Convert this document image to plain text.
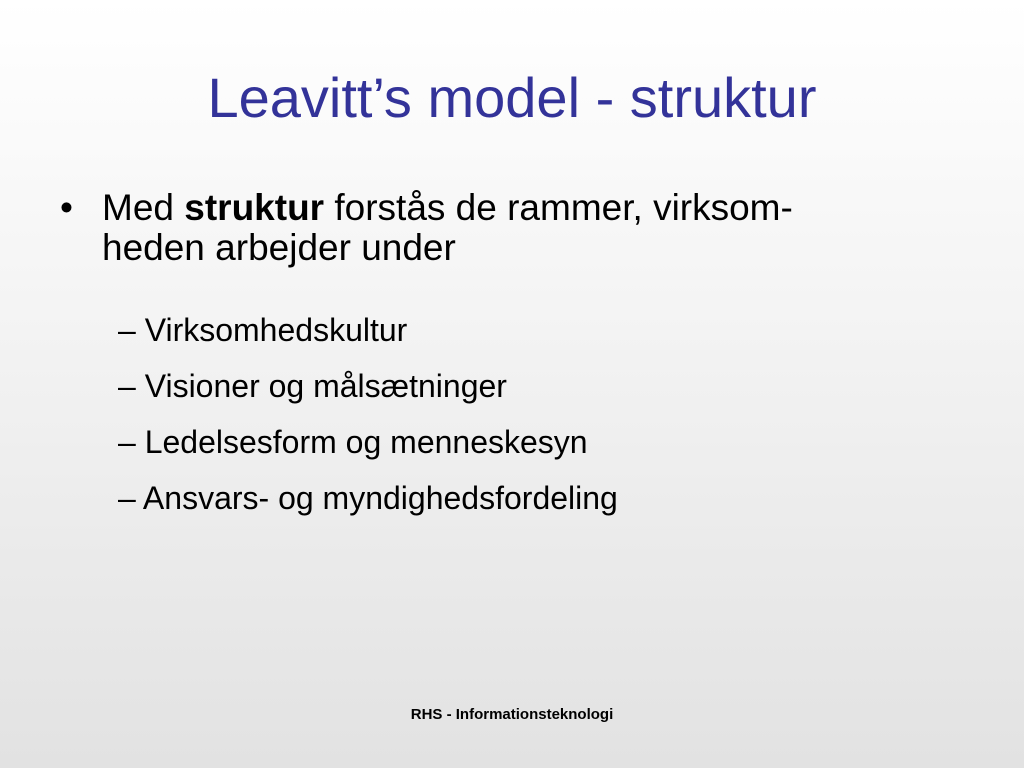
Leavitt’s model - struktur
• Med struktur forstås de rammer, virksom-
heden arbejder under
– Virksomhedskultur
– Visioner og målsætninger
– Ledelsesform og menneskesyn
– Ansvars- og myndighedsfordeling
RHS - Informationsteknologi
